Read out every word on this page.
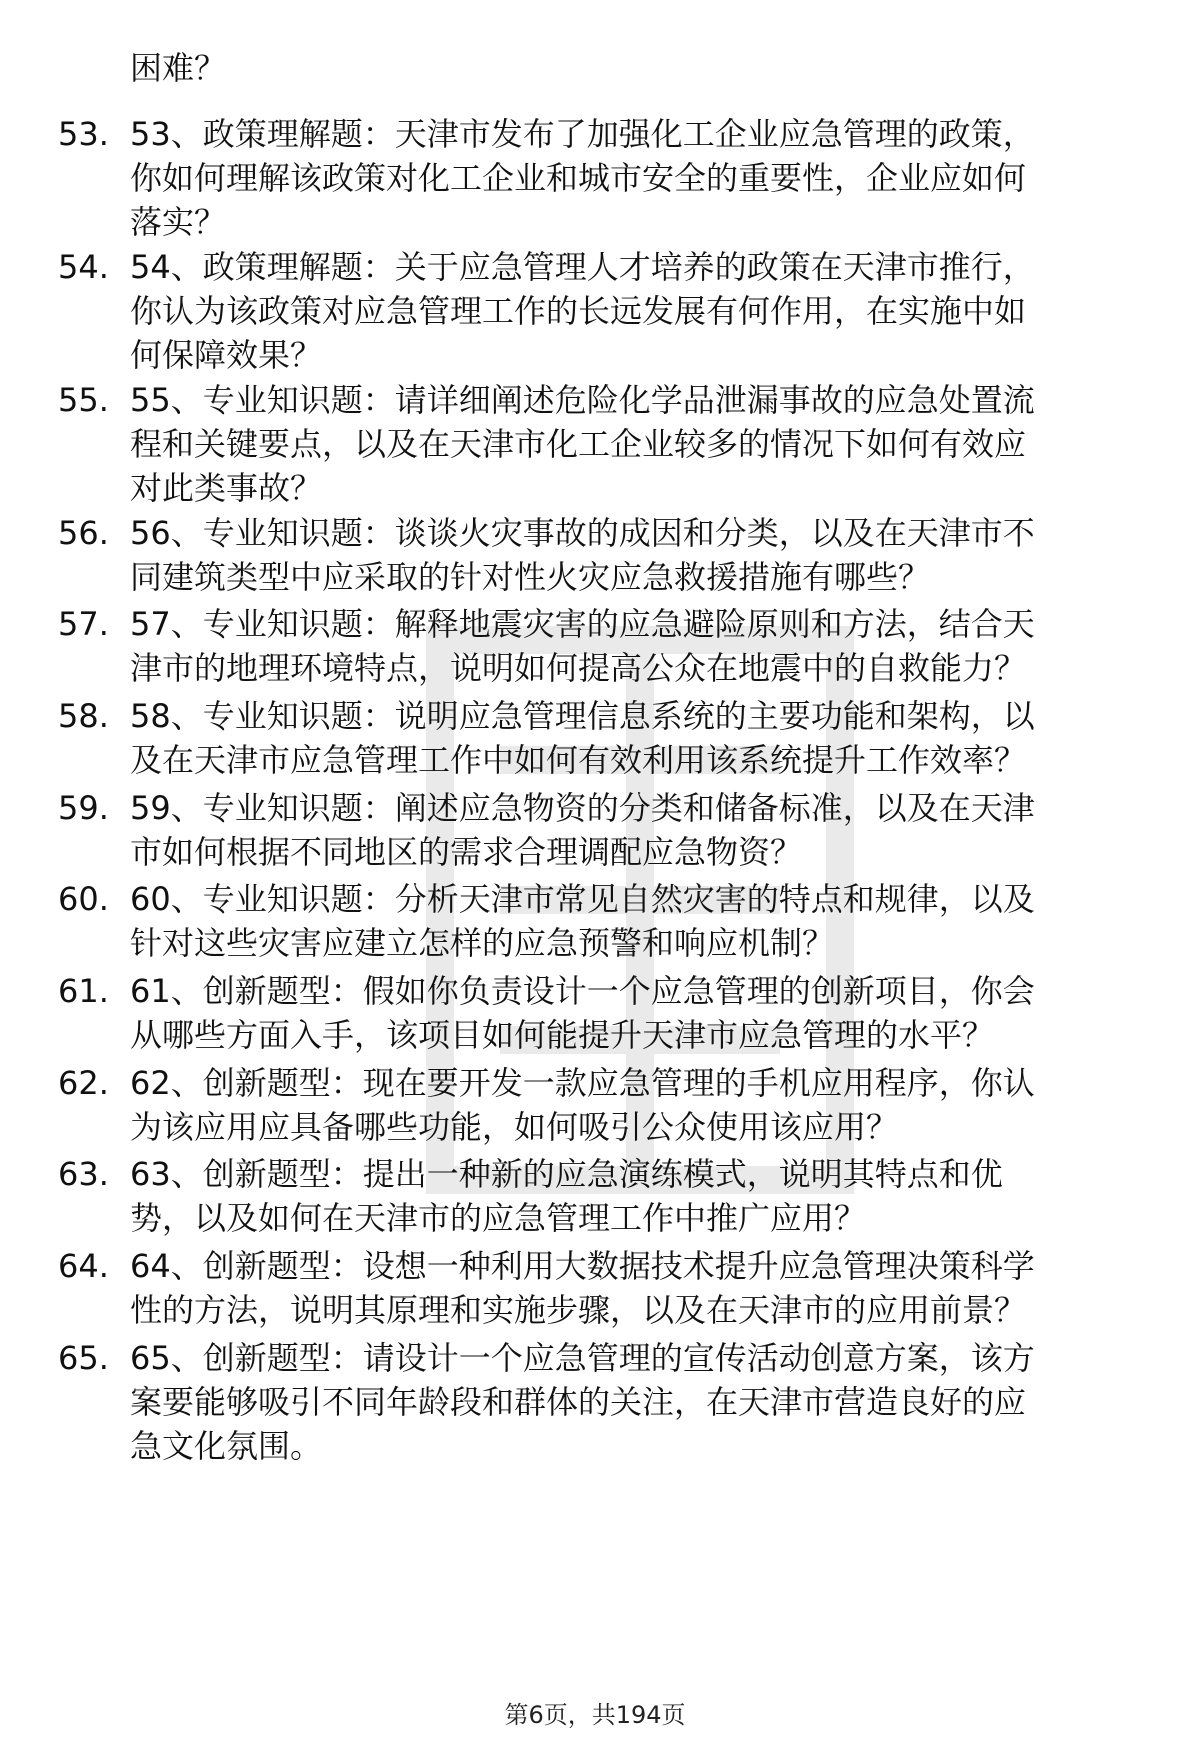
困难？
53. 53、政策理解题：天津市发布了加强化工企业应急管理的政策，
你如何理解该政策对化工企业和城市安全的重要性，企业应如何
落实？
54. 54、政策理解题：关于应急管理人才培养的政策在天津市推行，
你认为该政策对应急管理工作的长远发展有何作用，在实施中如
何保障效果？
55. 55、专业知识题：请详细阐述危险化学品泄漏事故的应急处置流
程和关键要点，以及在天津市化工企业较多的情况下如何有效应
对此类事故？
56. 56、专业知识题：谈谈火灾事故的成因和分类，以及在天津市不
同建筑类型中应采取的针对性火灾应急救援措施有哪些？
57. 57、专业知识题：解释地震灾害的应急避险原则和方法，结合天
津市的地理环境特点，说明如何提高公众在地震中的自救能力？
58. 58、专业知识题：说明应急管理信息系统的主要功能和架构，以
及在天津市应急管理工作中如何有效利用该系统提升工作效率？
59. 59、专业知识题：阐述应急物资的分类和储备标准，以及在天津
市如何根据不同地区的需求合理调配应急物资？
60. 60、专业知识题：分析天津市常见自然灾害的特点和规律，以及
针对这些灾害应建立怎样的应急预警和响应机制？
61. 61、创新题型：假如你负责设计一个应急管理的创新项目，你会
从哪些方面入手，该项目如何能提升天津市应急管理的水平？
62. 62、创新题型：现在要开发一款应急管理的手机应用程序，你认
为该应用应具备哪些功能，如何吸引公众使用该应用？
63. 63、创新题型：提出一种新的应急演练模式，说明其特点和优
势，以及如何在天津市的应急管理工作中推广应用？
64. 64、创新题型：设想一种利用大数据技术提升应急管理决策科学
性的方法，说明其原理和实施步骤，以及在天津市的应用前景？
65. 65、创新题型：请设计一个应急管理的宣传活动创意方案，该方
案要能够吸引不同年龄段和群体的关注，在天津市营造良好的应
急文化氛围。
第6页，共194页
